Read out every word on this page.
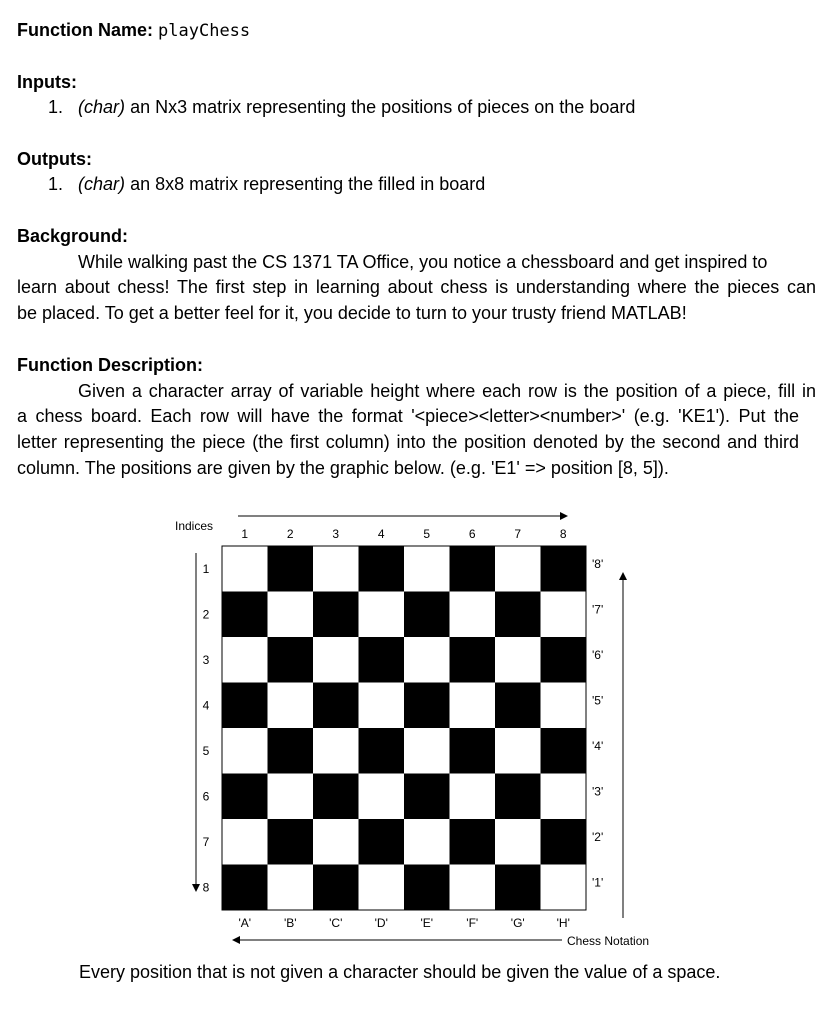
Function Name: playChess
Inputs:
1. (char) an Nx3 matrix representing the positions of pieces on the board
Outputs:
1. (char) an 8x8 matrix representing the filled in board
Background:
While walking past the CS 1371 TA Office, you notice a chessboard and get inspired to
learn about chess! The first step in learning about chess is understanding where the pieces can
be placed. To get a better feel for it, you decide to turn to your trusty friend MATLAB!
Function Description:
Given a character array of variable height where each row is the position of a piece, fill in
a chess board. Each row will have the format '<piece><letter><number>' (e.g. 'KE1'). Put the
letter representing the piece (the first column) into the position denoted by the second and third
column. The positions are given by the graphic below. (e.g. 'E1' => position [8, 5]).
Every position that is not given a character should be given the value of a space.
Indices
Chess Notation
1	2	3	4	5	6	7	8
1
2
3
4
5
6
7
8
'8'
'7'
'6'
'5'
'4'
'3'
'2'
'1'
'A'	'B'	'C'	'D'	'E'	'F'	'G'	'H'
